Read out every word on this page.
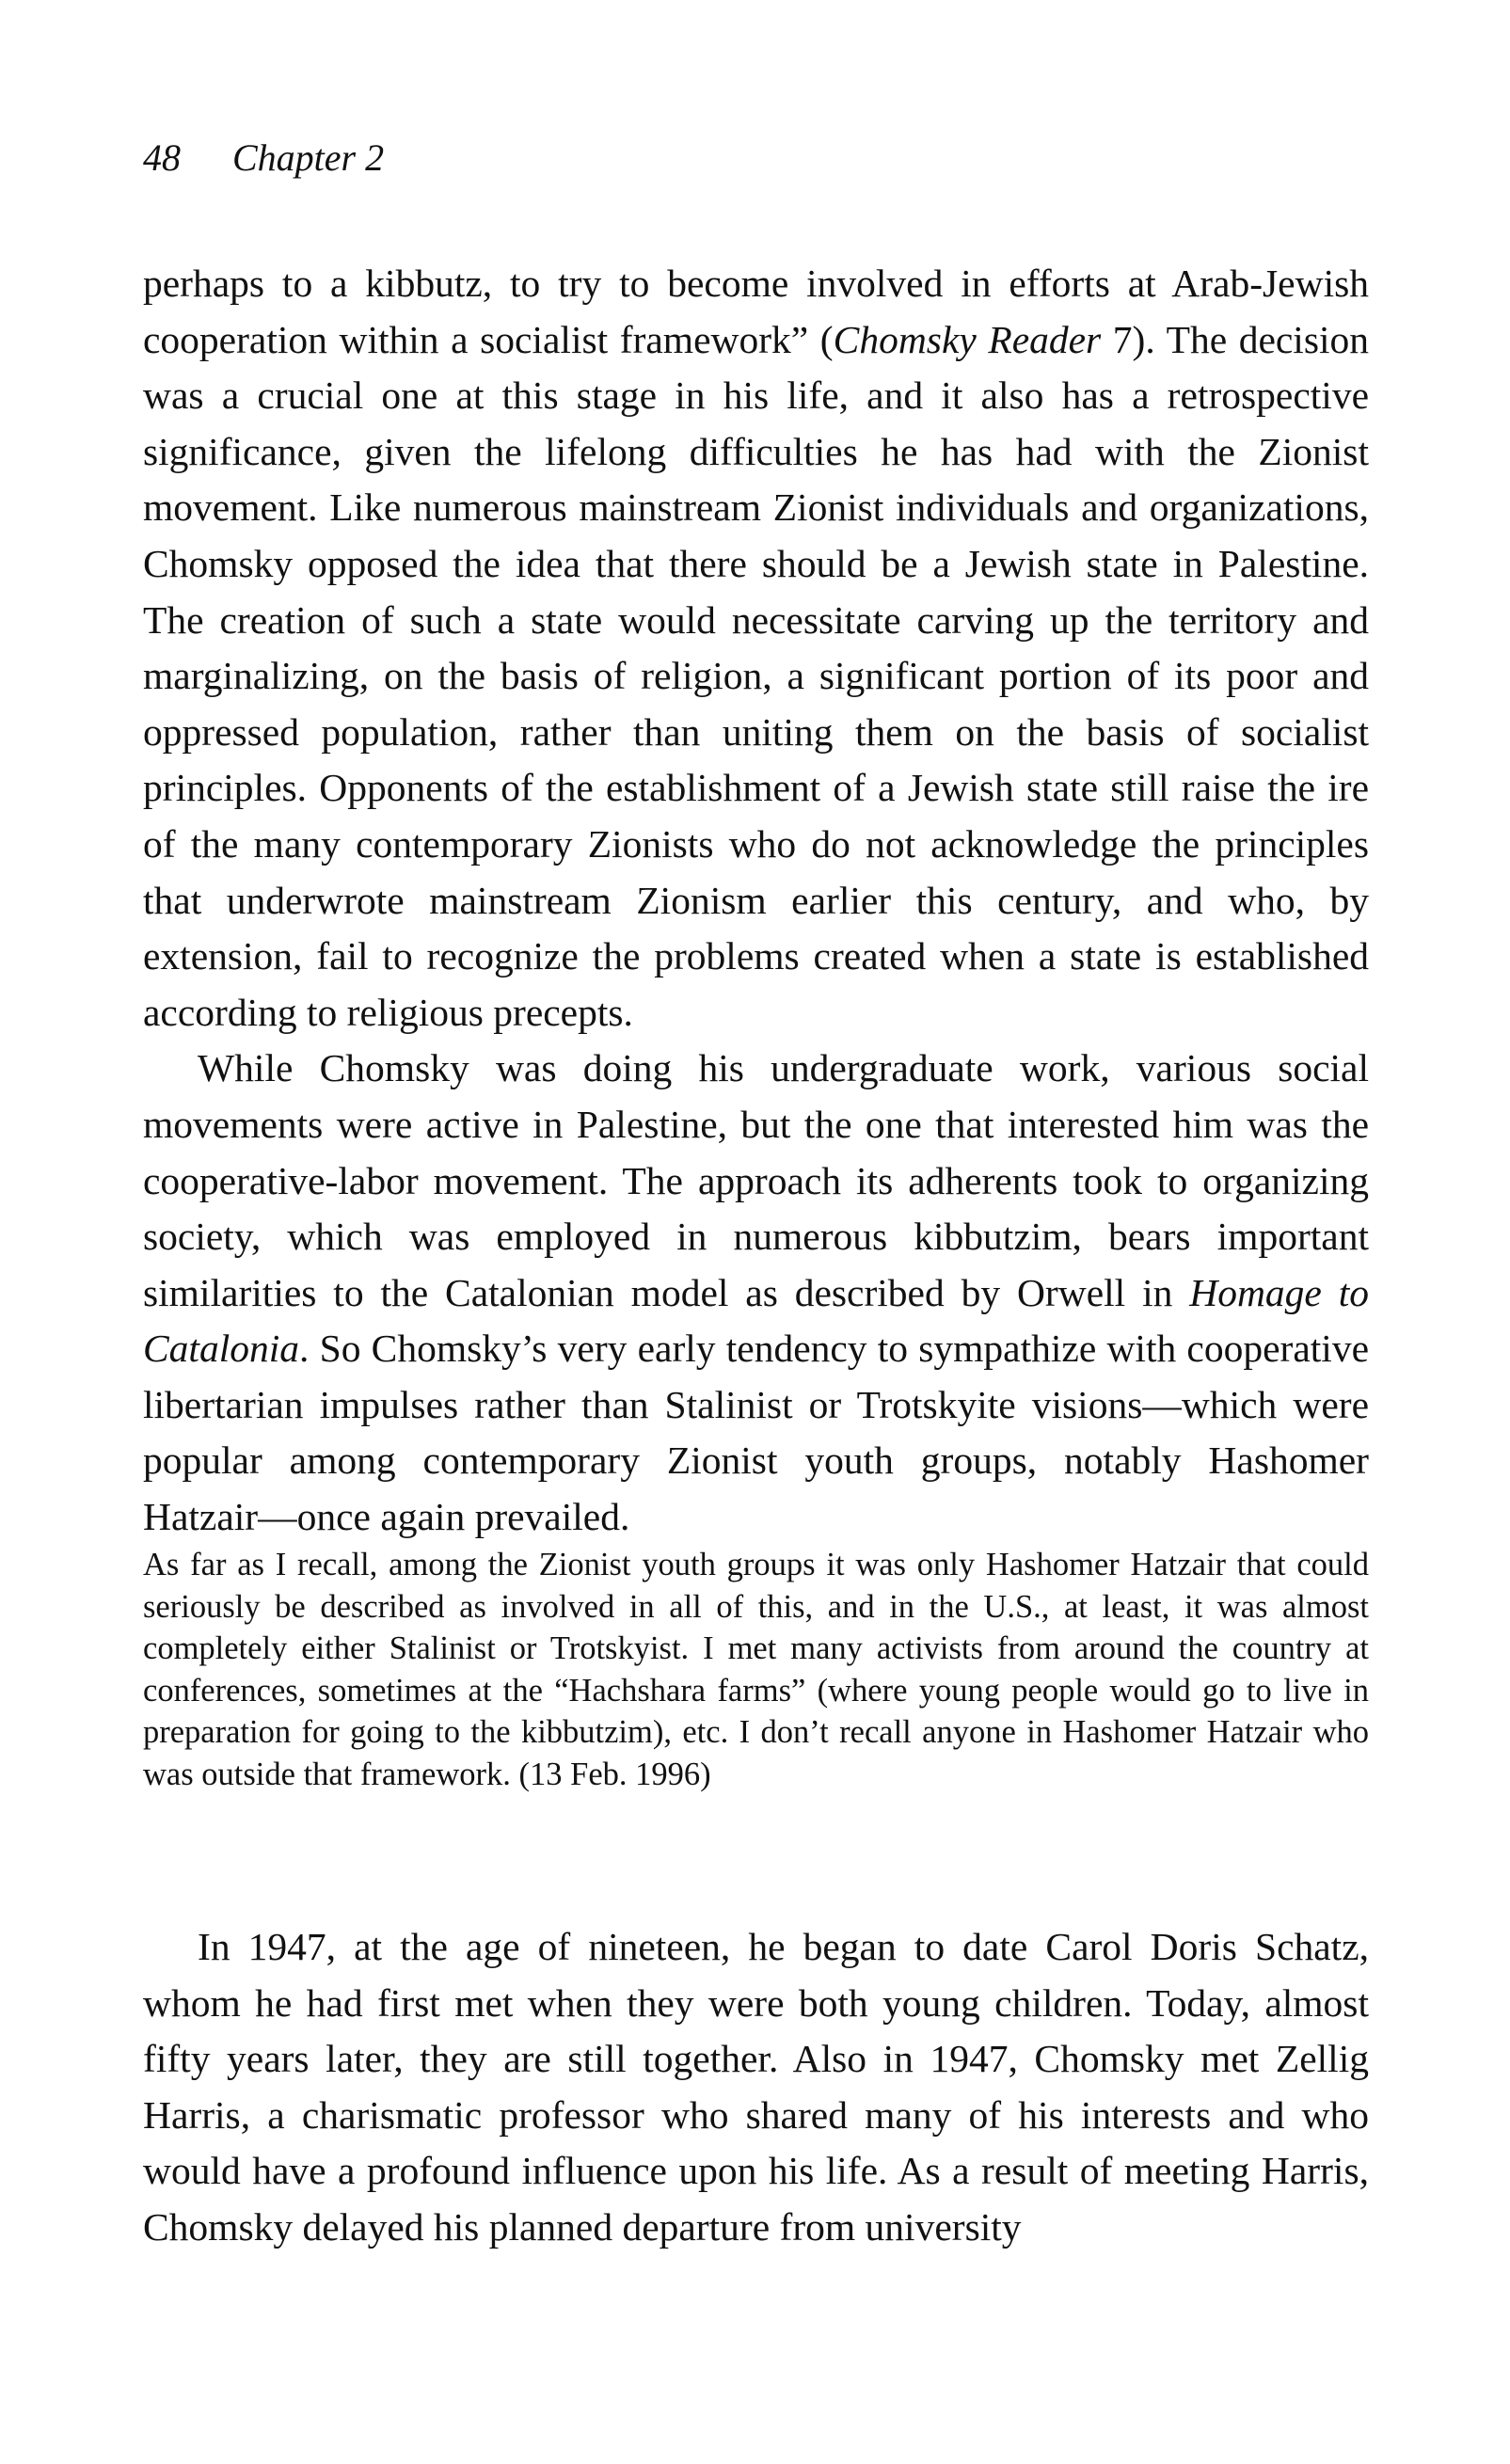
48 Chapter 2

perhaps to a kibbutz, to try to become involved in efforts at Arab-Jewish cooperation within a socialist framework” (Chomsky Reader 7). The decision was a crucial one at this stage in his life, and it also has a retrospective significance, given the lifelong difficulties he has had with the Zionist movement. Like numerous mainstream Zionist individuals and organizations, Chomsky opposed the idea that there should be a Jewish state in Palestine. The creation of such a state would necessitate carving up the territory and marginalizing, on the basis of religion, a significant portion of its poor and oppressed population, rather than uniting them on the basis of socialist principles. Opponents of the establishment of a Jewish state still raise the ire of the many contemporary Zionists who do not acknowledge the principles that underwrote mainstream Zionism earlier this century, and who, by extension, fail to recognize the problems created when a state is established according to religious precepts.

While Chomsky was doing his undergraduate work, various social movements were active in Palestine, but the one that interested him was the cooperative-labor movement. The approach its adherents took to organizing society, which was employed in numerous kibbutzim, bears important similarities to the Catalonian model as described by Orwell in Homage to Catalonia. So Chomsky’s very early tendency to sympathize with cooperative libertarian impulses rather than Stalinist or Trotskyite visions—which were popular among contemporary Zionist youth groups, notably Hashomer Hatzair—once again prevailed.

As far as I recall, among the Zionist youth groups it was only Hashomer Hatzair that could seriously be described as involved in all of this, and in the U.S., at least, it was almost completely either Stalinist or Trotskyist. I met many activists from around the country at conferences, sometimes at the “Hachshara farms” (where young people would go to live in preparation for going to the kibbutzim), etc. I don’t recall anyone in Hashomer Hatzair who was outside that framework. (13 Feb. 1996)

In 1947, at the age of nineteen, he began to date Carol Doris Schatz, whom he had first met when they were both young children. Today, almost fifty years later, they are still together. Also in 1947, Chomsky met Zellig Harris, a charismatic professor who shared many of his interests and who would have a profound influence upon his life. As a result of meeting Harris, Chomsky delayed his planned departure from university
